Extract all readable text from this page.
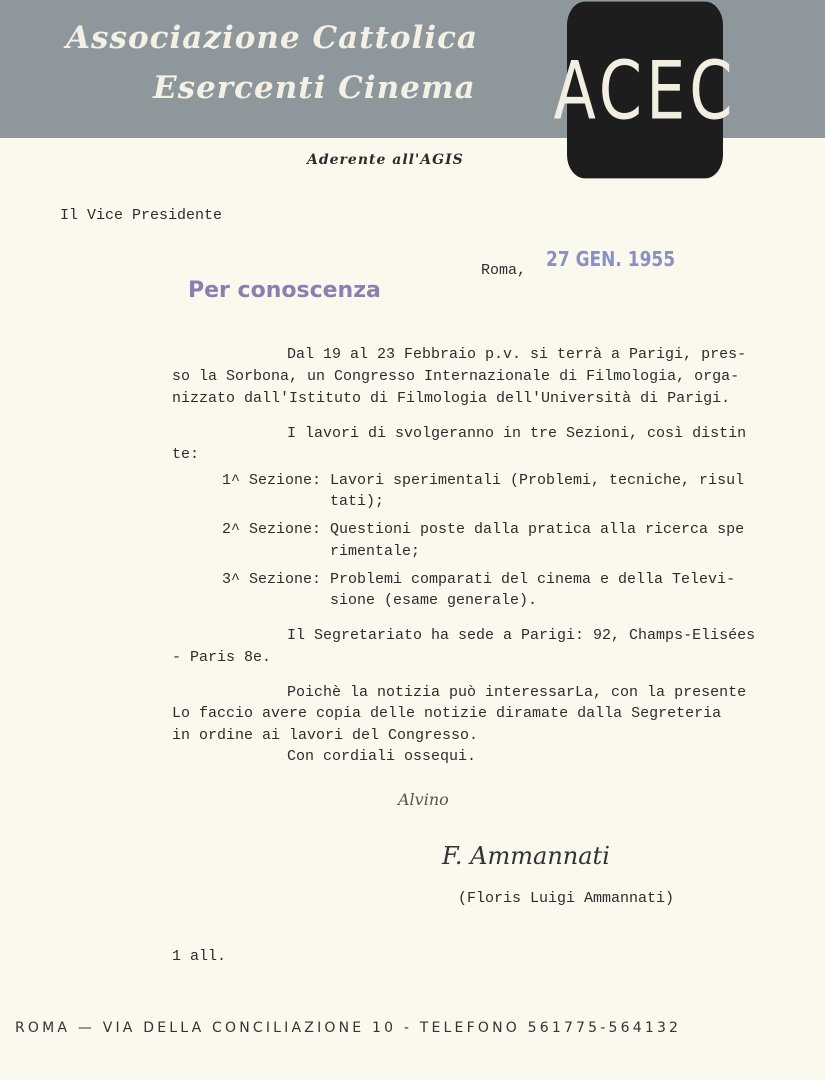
Associazione Cattolica
Esercenti Cinema ACEC
Aderente all'AGIS
Il Vice Presidente
Per conoscenza
Roma, 27 GEN. 1955
Dal 19 al 23 Febbraio p.v. si terrà a Parigi, pres-
so la Sorbona, un Congresso Internazionale di Filmologia, orga-
nizzato dall'Istituto di Filmologia dell'Università di Parigi.
I lavori di svolgeranno in tre Sezioni, così distin
te:
1^ Sezione: Lavori sperimentali (Problemi, tecniche, risul
tati);
2^ Sezione: Questioni poste dalla pratica alla ricerca spe
rimentale;
3^ Sezione: Problemi comparati del cinema e della Televi-
sione (esame generale).
Il Segretariato ha sede a Parigi: 92, Champs-Elisées
- Paris 8e.
Poichè la notizia può interessarLa, con la presente
Lo faccio avere copia delle notizie diramate dalla Segreteria
in ordine ai lavori del Congresso.
Con cordiali ossequi.
Alvino
F. Ammannati
(Floris Luigi Ammannati)
1 all.
ROMA — VIA DELLA CONCILIAZIONE 10 - TELEFONO 561775-564132
